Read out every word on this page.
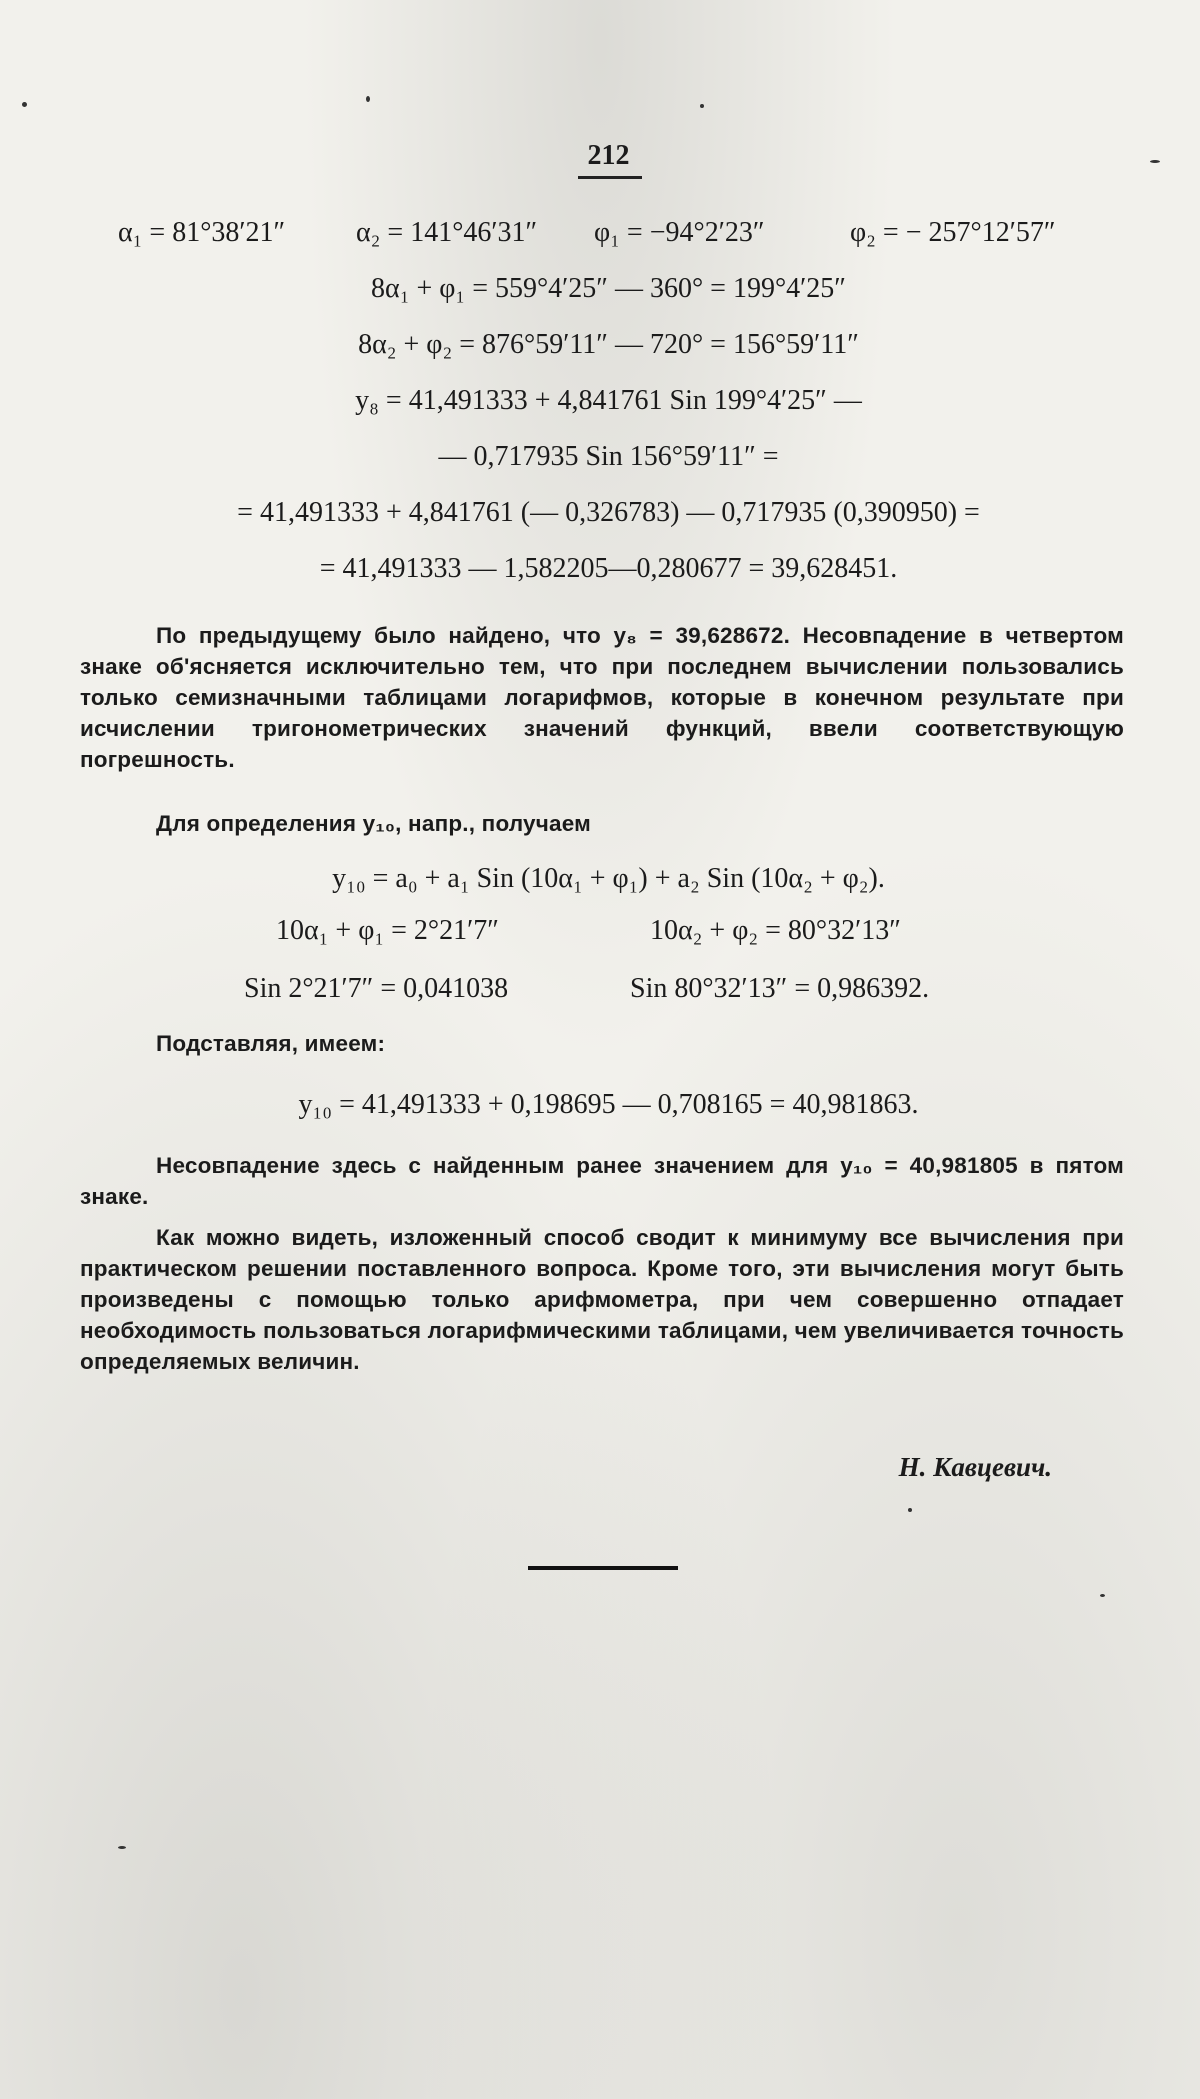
212
α₁ = 81°38′21″	α₂ = 141°46′31″ φ₁ = −94°2′23″	φ₂ = − 257°12′57″
8α₁ + φ₁ = 559°4′25″ — 360° = 199°4′25″
8α₂ + φ₂ = 876°59′11″ — 720° = 156°59′11″
y₈ = 41,491333 + 4,841761 Sin 199°4′25″ —
— 0,717935 Sin 156°59′11″ =
= 41,491333 + 4,841761 (— 0,326783) — 0,717935 (0,390950) =
= 41,491333 — 1,582205—0,280677 = 39,628451.
По предыдущему было найдено, что y₈ = 39,628672. Несовпадение в четвертом знаке об'ясняется исключительно тем, что при последнем вычислении пользовались только семизначными таблицами логарифмов, которые в конечном результате при исчислении тригонометрических значений функций, ввели соответствующую погрешность.
Для определения y₁₀, напр., получаем
y₁₀ = a₀ + a₁ Sin (10α₁ + φ₁) + a₂ Sin (10α₂ + φ₂).
10α₁ + φ₁ = 2°21′7″	10α₂ + φ₂ = 80°32′13″
Sin 2°21′7″ = 0,041038	Sin 80°32′13″ = 0,986392.
Подставляя, имеем:
y₁₀ = 41,491333 + 0,198695 — 0,708165 = 40,981863.
Несовпадение здесь с найденным ранее значением для y₁₀ = 40,981805 в пятом знаке.
Как можно видеть, изложенный способ сводит к минимуму все вычисления при практическом решении поставленного вопроса. Кроме того, эти вычисления могут быть произведены с помощью только арифмометра, при чем совершенно отпадает необходимость пользоваться логарифмическими таблицами, чем увеличивается точность определяемых величин.
Н. Кавцевич.
